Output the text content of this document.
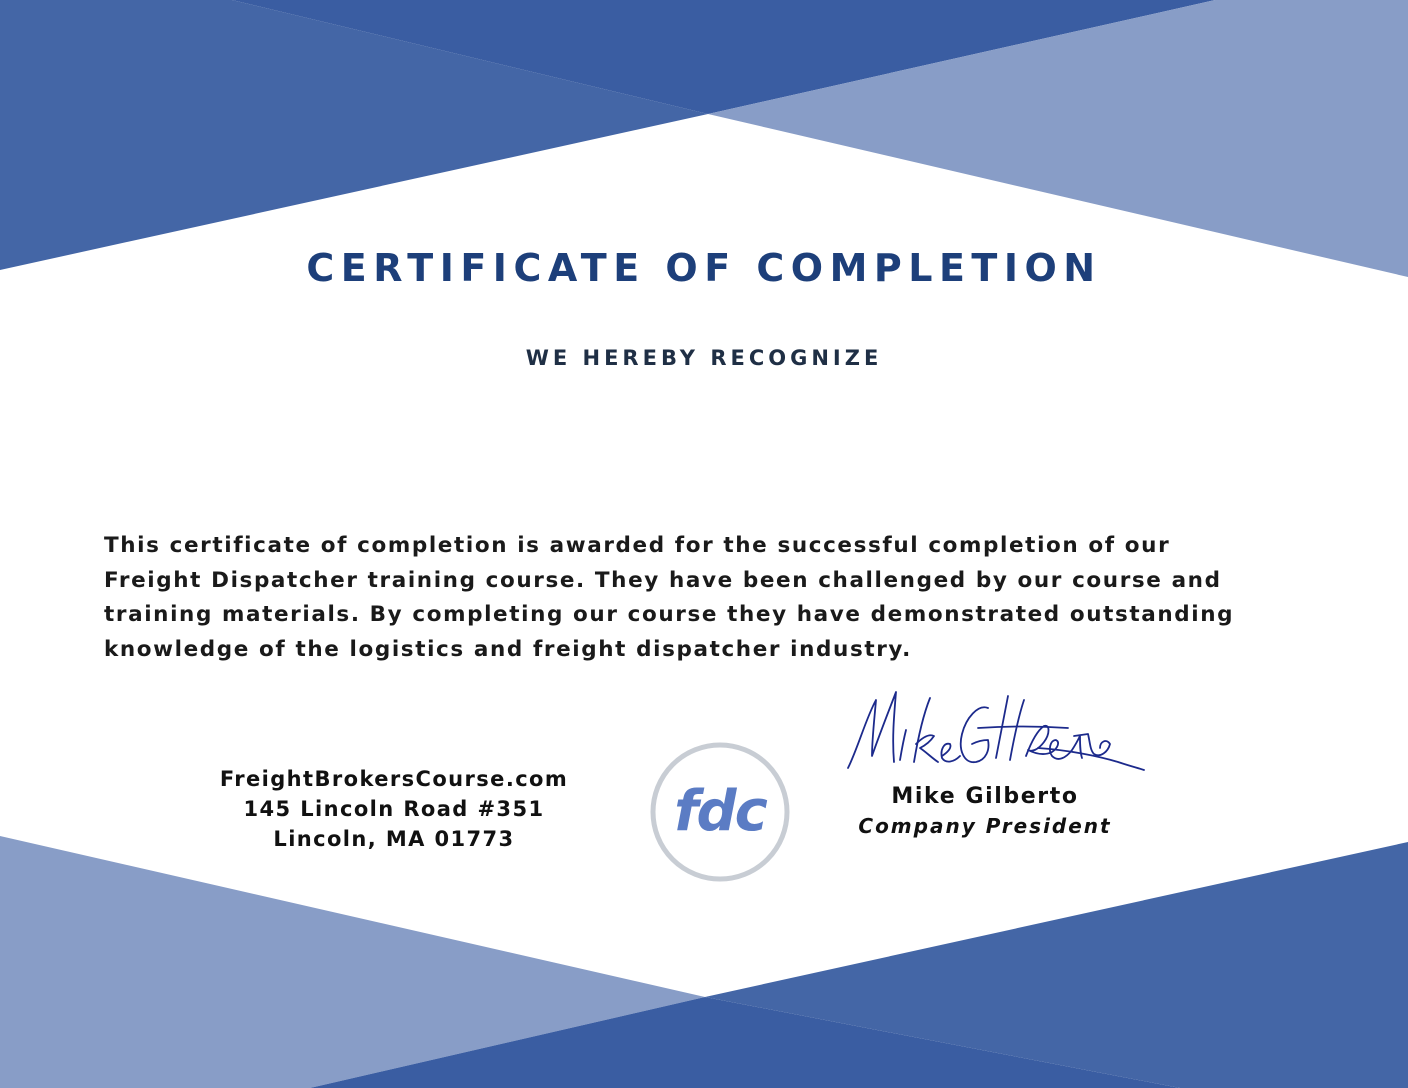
CERTIFICATE OF COMPLETION
WE HEREBY RECOGNIZE
This certificate of completion is awarded for the successful completion of our
Freight Dispatcher training course. They have been challenged by our course and
training materials. By completing our course they have demonstrated outstanding
knowledge of the logistics and freight dispatcher industry.
FreightBrokersCourse.com
145 Lincoln Road #351
Lincoln, MA 01773	fdc	Mike Gilberto
Company President
